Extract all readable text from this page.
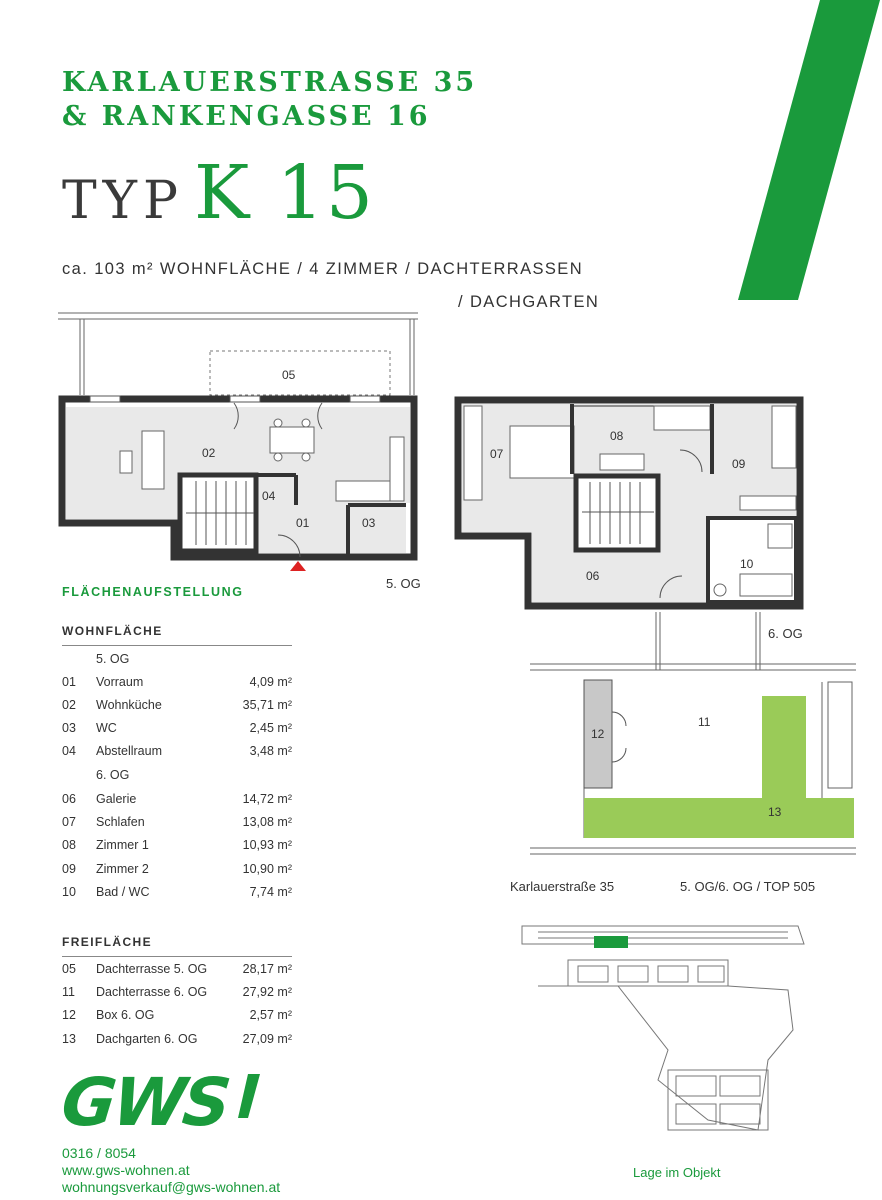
KARLAUERSTRASSE 35
& RANKENGASSE 16
TYP K 15
ca. 103 m² WOHNFLÄCHE / 4 ZIMMER / DACHTERRASSEN
/ DACHGARTEN
05
02
04
01	03
5. OG
07
08
09
06
10
6. OG
12
11
13
Karlauerstraße 35	5. OG/6. OG / TOP 505
Lage im Objekt
FLÄCHENAUFSTELLUNG
WOHNFLÄCHE
5. OG
01 Vorraum	4,09 m²
02 Wohnküche	35,71 m²
03 WC	2,45 m²
04 Abstellraum	3,48 m²
6. OG
06 Galerie	14,72 m²
07 Schlafen	13,08 m²
08 Zimmer 1	10,93 m²
09 Zimmer 2	10,90 m²
10 Bad / WC	7,74 m²
FREIFLÄCHE
05 Dachterrasse 5. OG	28,17 m²
11 Dachterrasse 6. OG	27,92 m²
12 Box 6. OG	2,57 m²
13 Dachgarten 6. OG	27,09 m²
GWS
0316 / 8054
www.gws-wohnen.at
wohnungsverkauf@gws-wohnen.at
